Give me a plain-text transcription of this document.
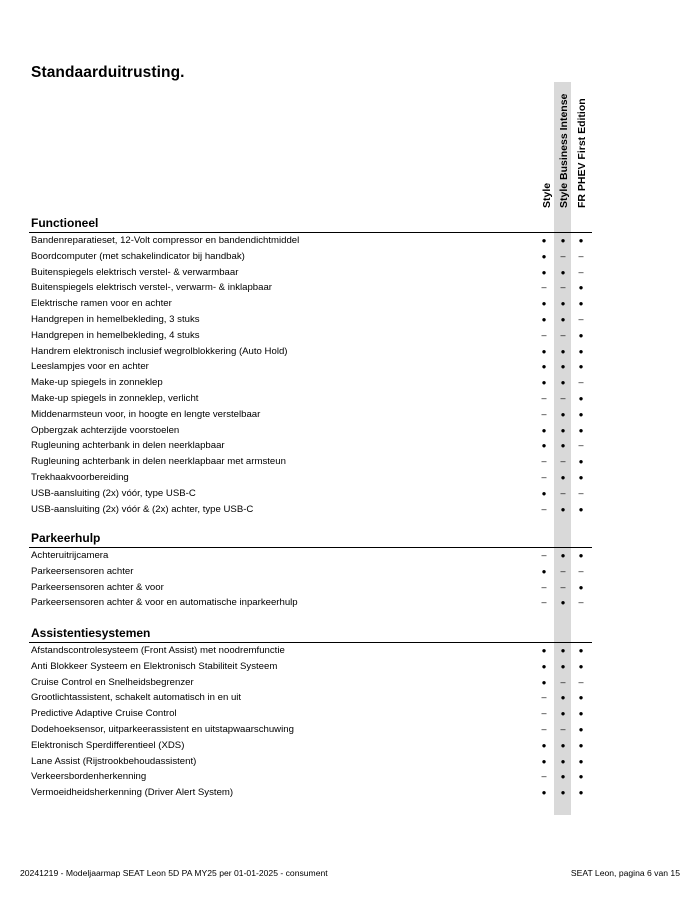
Standaarduitrusting.
Style Style Business Intense FR PHEV First Edition
Functioneel
Bandenreparatieset, 12-Volt compressor en bandendichtmiddel
●
●
●
Boordcomputer (met schakelindicator bij handbak)
●
–
–
Buitenspiegels elektrisch verstel- & verwarmbaar
●
●
–
Buitenspiegels elektrisch verstel-, verwarm- & inklapbaar
–
–
●
Elektrische ramen voor en achter
●
●
●
Handgrepen in hemelbekleding, 3 stuks
●
●
–
Handgrepen in hemelbekleding, 4 stuks
–
–
●
Handrem elektronisch inclusief wegrolblokkering (Auto Hold)
●
●
●
Leeslampjes voor en achter
●
●
●
Make-up spiegels in zonneklep
●
●
–
Make-up spiegels in zonneklep, verlicht
–
–
●
Middenarmsteun voor, in hoogte en lengte verstelbaar
–
●
●
Opbergzak achterzijde voorstoelen
●
●
●
Rugleuning achterbank in delen neerklapbaar
●
●
–
Rugleuning achterbank in delen neerklapbaar met armsteun
–
–
●
Trekhaakvoorbereiding
–
●
●
USB-aansluiting (2x) vóór, type USB-C
●
–
–
USB-aansluiting (2x) vóór & (2x) achter, type USB-C
–
●
●
Parkeerhulp
Achteruitrijcamera
–
●
●
Parkeersensoren achter
●
–
–
Parkeersensoren achter & voor
–
–
●
Parkeersensoren achter & voor en automatische inparkeerhulp
–
●
–
Assistentiesystemen
Afstandscontrolesysteem (Front Assist) met noodremfunctie
●
●
●
Anti Blokkeer Systeem en Elektronisch Stabiliteit Systeem
●
●
●
Cruise Control en Snelheidsbegrenzer
●
–
–
Grootlichtassistent, schakelt automatisch in en uit
–
●
●
Predictive Adaptive Cruise Control
–
●
●
Dodehoeksensor, uitparkeerassistent en uitstapwaarschuwing
–
–
●
Elektronisch Sperdifferentieel (XDS)
●
●
●
Lane Assist (Rijstrookbehoudassistent)
●
●
●
Verkeersbordenherkenning
–
●
●
Vermoeidheidsherkenning (Driver Alert System)
●
●
●
20241219 - Modeljaarmap SEAT Leon 5D PA MY25 per 01-01-2025 - consument	SEAT Leon, pagina 6 van 15
